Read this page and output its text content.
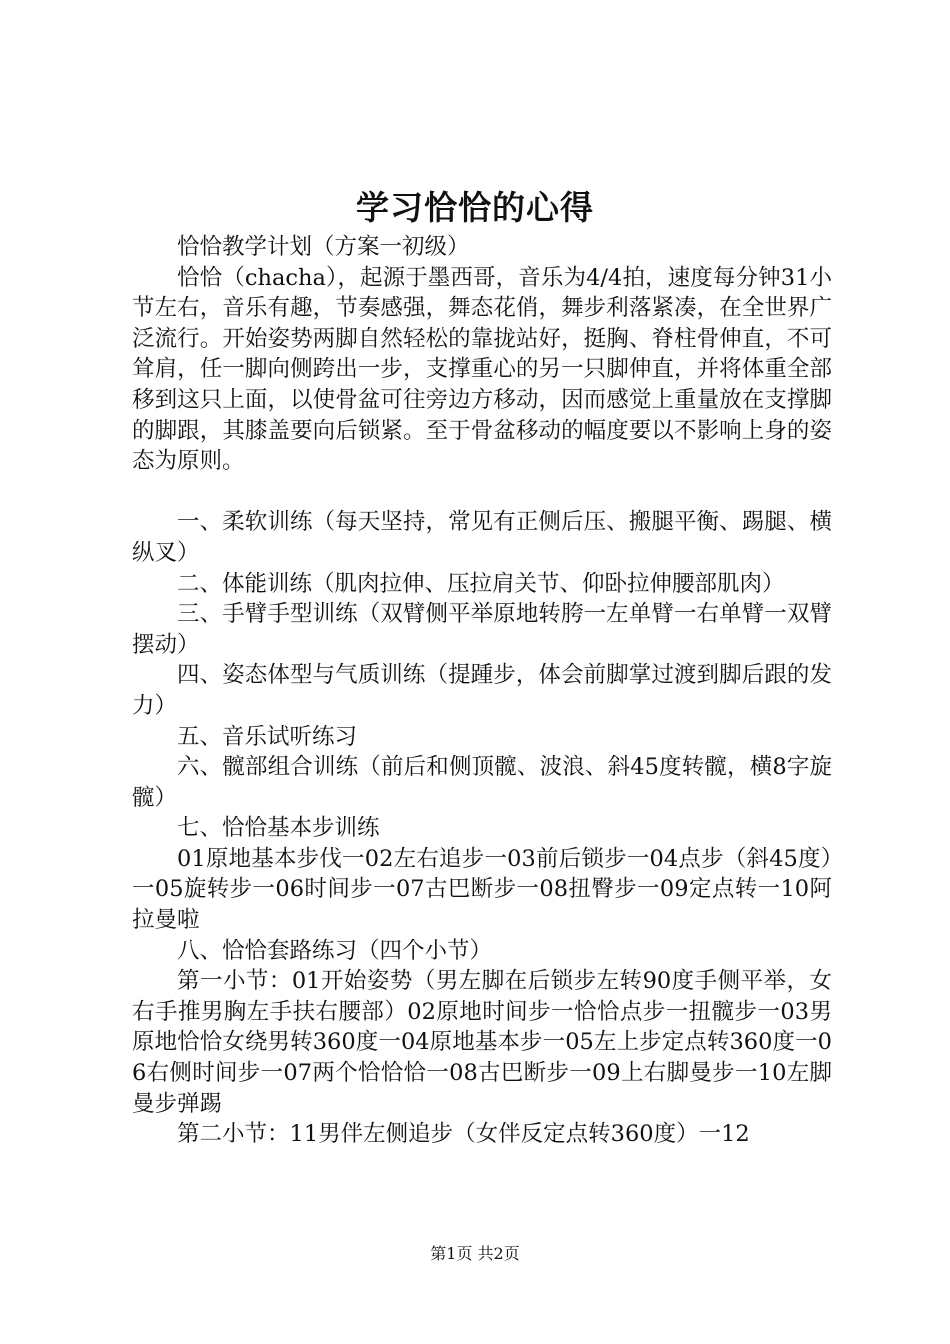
学习恰恰的心得

恰恰教学计划（方案一初级）

恰恰（chacha），起源于墨西哥，音乐为4/4拍，速度每分钟31小节左右，音乐有趣，节奏感强，舞态花俏，舞步利落紧凑，在全世界广泛流行。开始姿势两脚自然轻松的靠拢站好，挺胸、脊柱骨伸直，不可耸肩，任一脚向侧跨出一步，支撑重心的另一只脚伸直，并将体重全部移到这只上面，以使骨盆可往旁边方移动，因而感觉上重量放在支撑脚的脚跟，其膝盖要向后锁紧。至于骨盆移动的幅度要以不影响上身的姿态为原则。

一、柔软训练（每天坚持，常见有正侧后压、搬腿平衡、踢腿、横纵叉）

二、体能训练（肌肉拉伸、压拉肩关节、仰卧拉伸腰部肌肉）

三、手臂手型训练（双臂侧平举原地转胯一左单臂一右单臂一双臂摆动）

四、姿态体型与气质训练（提踵步，体会前脚掌过渡到脚后跟的发力）

五、音乐试听练习

六、髋部组合训练（前后和侧顶髋、波浪、斜45度转髋，横8字旋髋）

七、恰恰基本步训练

01原地基本步伐一02左右追步一03前后锁步一04点步（斜45度）一05旋转步一06时间步一07古巴断步一08扭臀步一09定点转一10阿拉曼啦

八、恰恰套路练习（四个小节）

第一小节：01开始姿势（男左脚在后锁步左转90度手侧平举，女右手推男胸左手扶右腰部）02原地时间步一恰恰点步一扭髋步一03男原地恰恰女绕男转360度一04原地基本步一05左上步定点转360度一06右侧时间步一07两个恰恰恰一08古巴断步一09上右脚曼步一10左脚曼步弹踢

第二小节：11男伴左侧追步（女伴反定点转360度）一12

第1页 共2页
